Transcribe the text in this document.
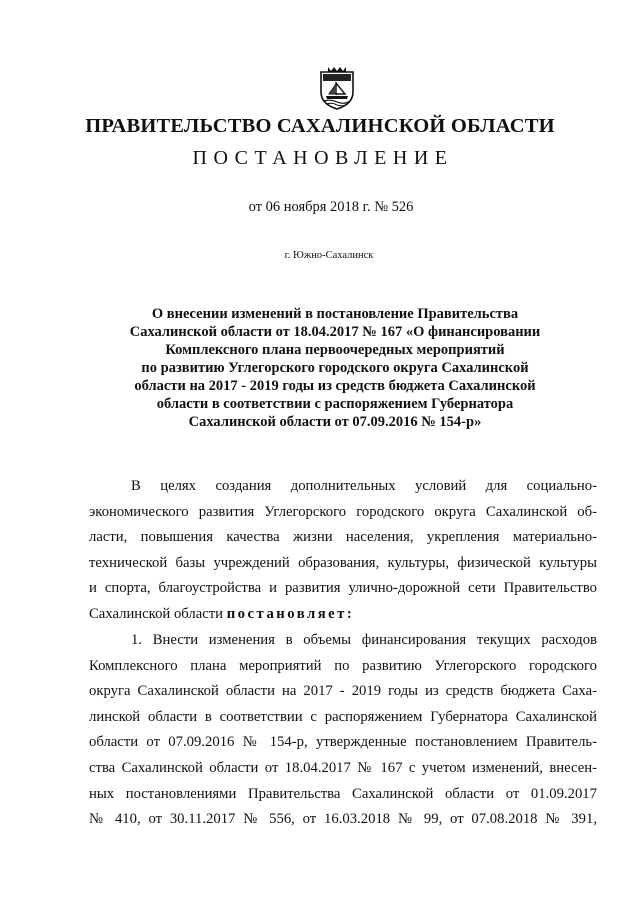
ПРАВИТЕЛЬСТВО САХАЛИНСКОЙ ОБЛАСТИ
ПОСТАНОВЛЕНИЕ
от 06 ноября 2018 г. № 526
г. Южно-Сахалинск
О внесении изменений в постановление Правительства
Сахалинской области от 18.04.2017 № 167 «О финансировании
Комплексного плана первоочередных мероприятий
по развитию Углегорского городского округа Сахалинской
области на 2017 - 2019 годы из средств бюджета Сахалинской
области в соответствии с распоряжением Губернатора
Сахалинской области от 07.09.2016 № 154-р»
В целях создания дополнительных условий для социально-
экономического развития Углегорского городского округа Сахалинской об-
ласти, повышения качества жизни населения, укрепления материально-
технической базы учреждений образования, культуры, физической культуры
и спорта, благоустройства и развития улично-дорожной сети Правительство
Сахалинской области постановляет:
1. Внести изменения в объемы финансирования текущих расходов
Комплексного плана мероприятий по развитию Углегорского городского
округа Сахалинской области на 2017 - 2019 годы из средств бюджета Саха-
линской области в соответствии с распоряжением Губернатора Сахалинской
области от 07.09.2016 № 154-р, утвержденные постановлением Правитель-
ства Сахалинской области от 18.04.2017 № 167 с учетом изменений, внесен-
ных постановлениями Правительства Сахалинской области от 01.09.2017
№ 410, от 30.11.2017 № 556, от 16.03.2018 № 99, от 07.08.2018 № 391,
